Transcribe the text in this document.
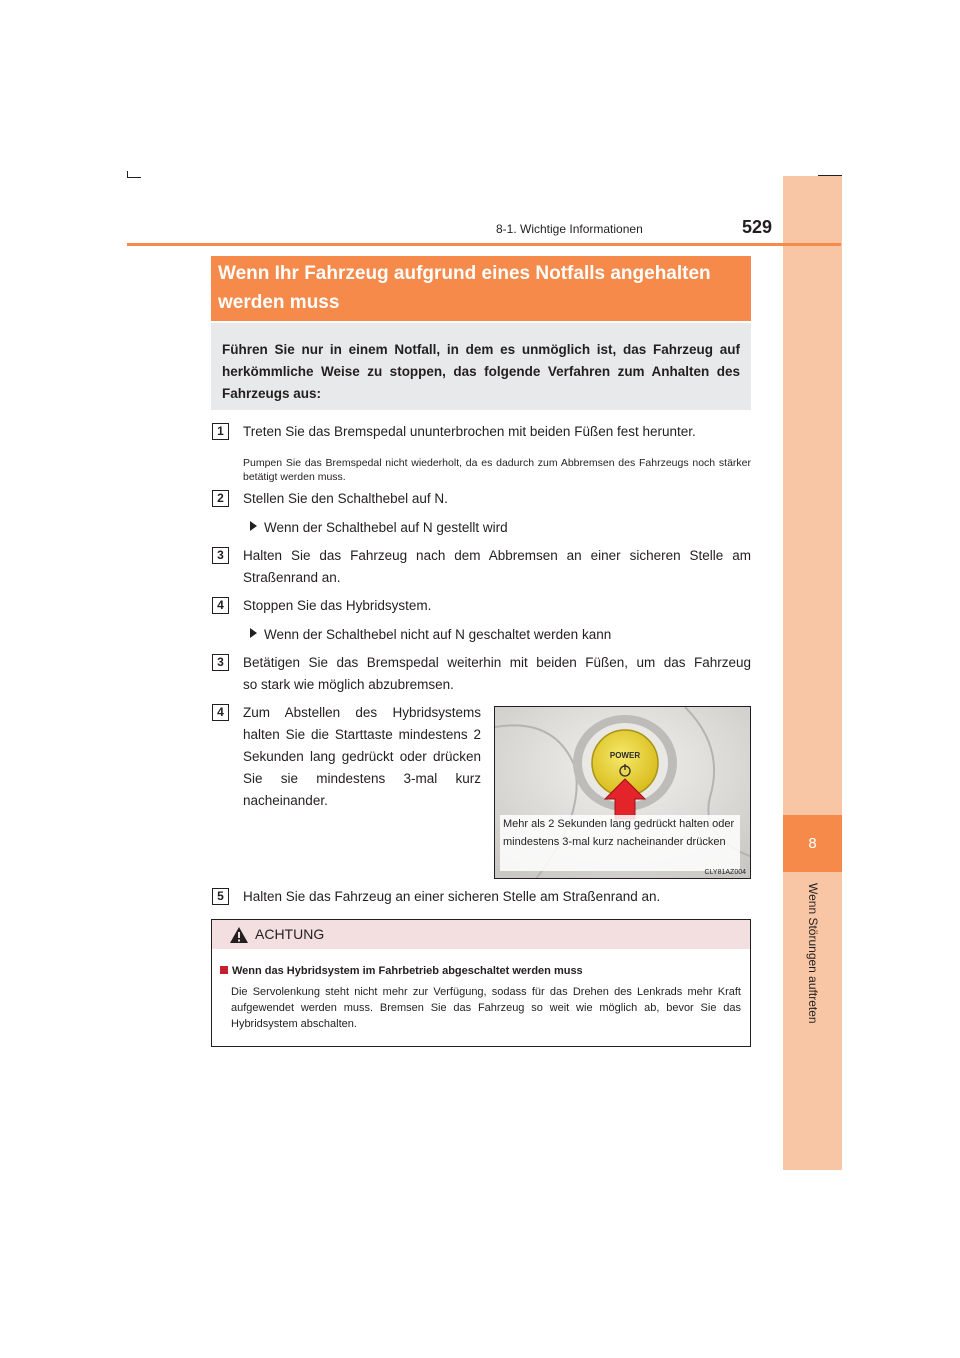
8
Wenn Störungen auftreten
8-1. Wichtige Informationen	529
Wenn Ihr Fahrzeug aufgrund eines Notfalls angehalten werden muss
Führen Sie nur in einem Notfall, in dem es unmöglich ist, das Fahrzeug auf herkömmliche Weise zu stoppen, das folgende Verfahren zum Anhalten des Fahrzeugs aus:
1	Treten Sie das Bremspedal ununterbrochen mit beiden Füßen fest herunter.
Pumpen Sie das Bremspedal nicht wiederholt, da es dadurch zum Abbremsen des Fahrzeugs noch stärker betätigt werden muss.
2	Stellen Sie den Schalthebel auf N.
Wenn der Schalthebel auf N gestellt wird
3	Halten Sie das Fahrzeug nach dem Abbremsen an einer sicheren Stelle am
Straßenrand an.
4	Stoppen Sie das Hybridsystem.
Wenn der Schalthebel nicht auf N geschaltet werden kann
3	Betätigen Sie das Bremspedal weiterhin mit beiden Füßen, um das Fahrzeug
so stark wie möglich abzubremsen.
4	Zum Abstellen des Hybridsystems halten Sie die Starttaste mindestens 2 Sekunden lang gedrückt oder drücken Sie sie mindestens 3-mal kurz nacheinander.
POWER
Mehr als 2 Sekunden lang gedrückt halten oder mindestens 3-mal kurz nacheinander drücken
CLY81AZ004
5	Halten Sie das Fahrzeug an einer sicheren Stelle am Straßenrand an.
ACHTUNG
Wenn das Hybridsystem im Fahrbetrieb abgeschaltet werden muss
Die Servolenkung steht nicht mehr zur Verfügung, sodass für das Drehen des Lenkrads mehr Kraft aufgewendet werden muss. Bremsen Sie das Fahrzeug so weit wie möglich ab, bevor Sie das Hybridsystem abschalten.
